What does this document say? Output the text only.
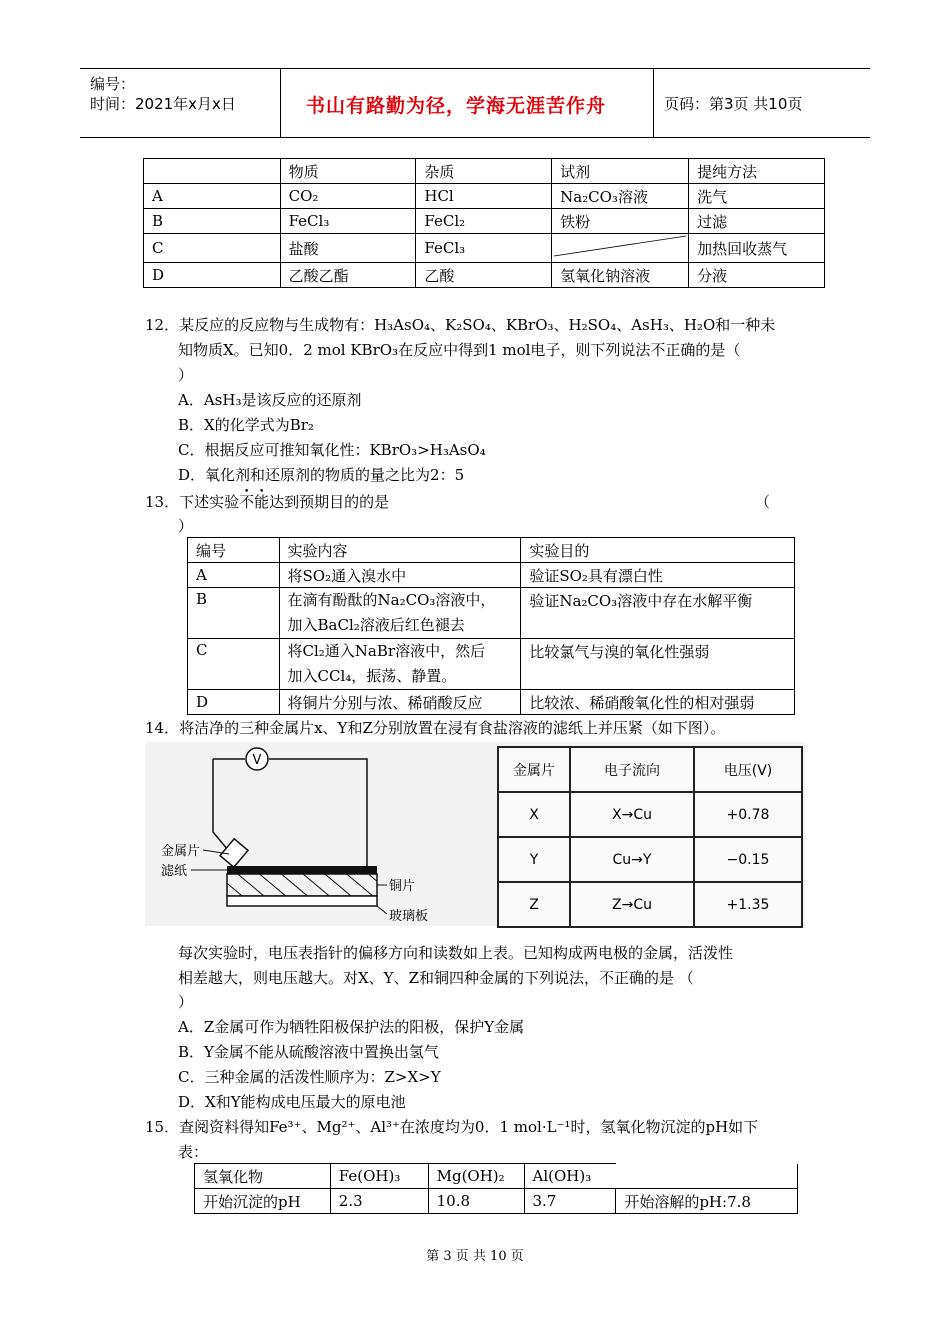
编号：
时间：2021年x月x日	书山有路勤为径，学海无涯苦作舟	页码：第3页 共10页
	物质	杂质	试剂	提纯方法
A	CO₂	HCl	Na₂CO₃溶液	洗气
B	FeCl₃	FeCl₂	铁粉	过滤
C	盐酸	FeCl₃		加热回收蒸气
D	乙酸乙酯	乙酸	氢氧化钠溶液	分液
12．某反应的反应物与生成物有：H₃AsO₄、K₂SO₄、KBrO₃、H₂SO₄、AsH₃、H₂O和一种未
知物质X。已知0．2 mol KBrO₃在反应中得到1 mol电子，则下列说法不正确的是（
）
A．AsH₃是该反应的还原剂
B．X的化学式为Br₂
C．根据反应可推知氧化性：KBrO₃>H₃AsO₄
D．氧化剂和还原剂的物质的量之比为2：5
13．下述实验不能达到预期目的的是	（
）
编号	实验内容	实验目的
A	将SO₂通入溴水中	验证SO₂具有漂白性
B	在滴有酚酞的Na₂CO₃溶液中，
加入BaCl₂溶液后红色褪去	验证Na₂CO₃溶液中存在水解平衡
C	将Cl₂通入NaBr溶液中，然后
加入CCl₄，振荡、静置。	比较氯气与溴的氧化性强弱
D	将铜片分别与浓、稀硝酸反应	比较浓、稀硝酸氧化性的相对强弱
14．将洁净的三种金属片x、Y和Z分别放置在浸有食盐溶液的滤纸上并压紧（如下图）。
V
金属片
滤纸
铜片
玻璃板
金属片	电子流向	电压(V)
X	X→Cu	+0.78
Y	Cu→Y	−0.15
Z	Z→Cu	+1.35
每次实验时，电压表指针的偏移方向和读数如上表。已知构成两电极的金属，活泼性
相差越大，则电压越大。对X、Y、Z和铜四种金属的下列说法，不正确的是 （
）
A．Z金属可作为牺牲阳极保护法的阳极，保护Y金属
B．Y金属不能从硫酸溶液中置换出氢气
C．三种金属的活泼性顺序为：Z>X>Y
D．X和Y能构成电压最大的原电池
15．查阅资料得知Fe³⁺、Mg²⁺、Al³⁺在浓度均为0．1 mol·L⁻¹时，氢氧化物沉淀的pH如下
表：
氢氧化物	Fe(OH)₃	Mg(OH)₂	Al(OH)₃	
开始沉淀的pH	2.3	10.8	3.7	开始溶解的pH:7.8
第 3 页 共 10 页
